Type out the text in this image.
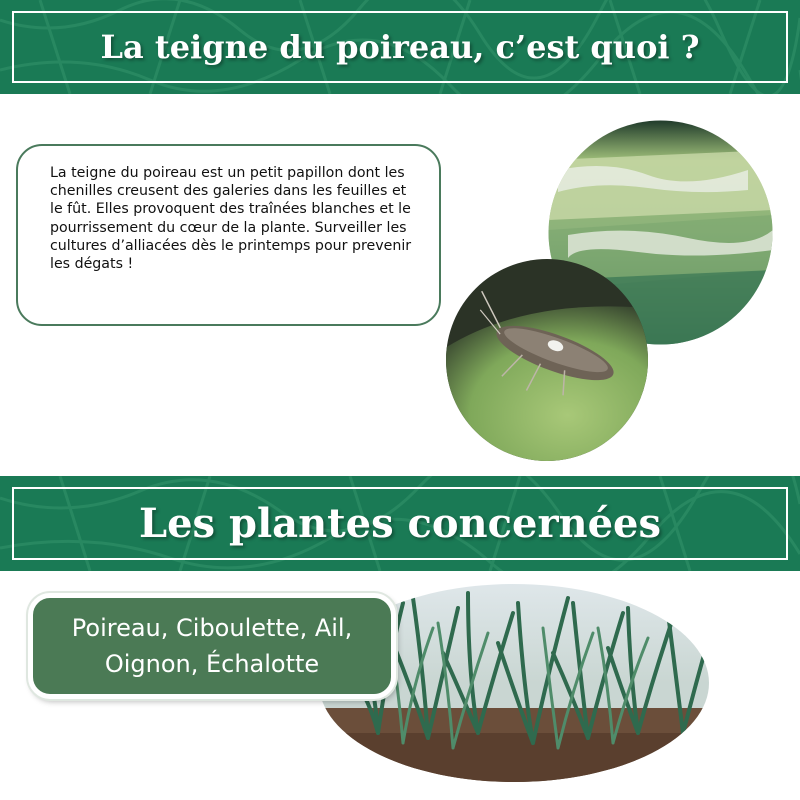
La teigne du poireau, c’est quoi ?

La teigne du poireau est un petit papillon dont les chenilles creusent des galeries dans les feuilles et le fût. Elles provoquent des traînées blanches et le pourrissement du cœur de la plante. Surveiller les cultures d’alliacées dès le printemps pour prevenir les dégats !

Les plantes concernées

Poireau, Ciboulette, Ail, Oignon, Échalotte
